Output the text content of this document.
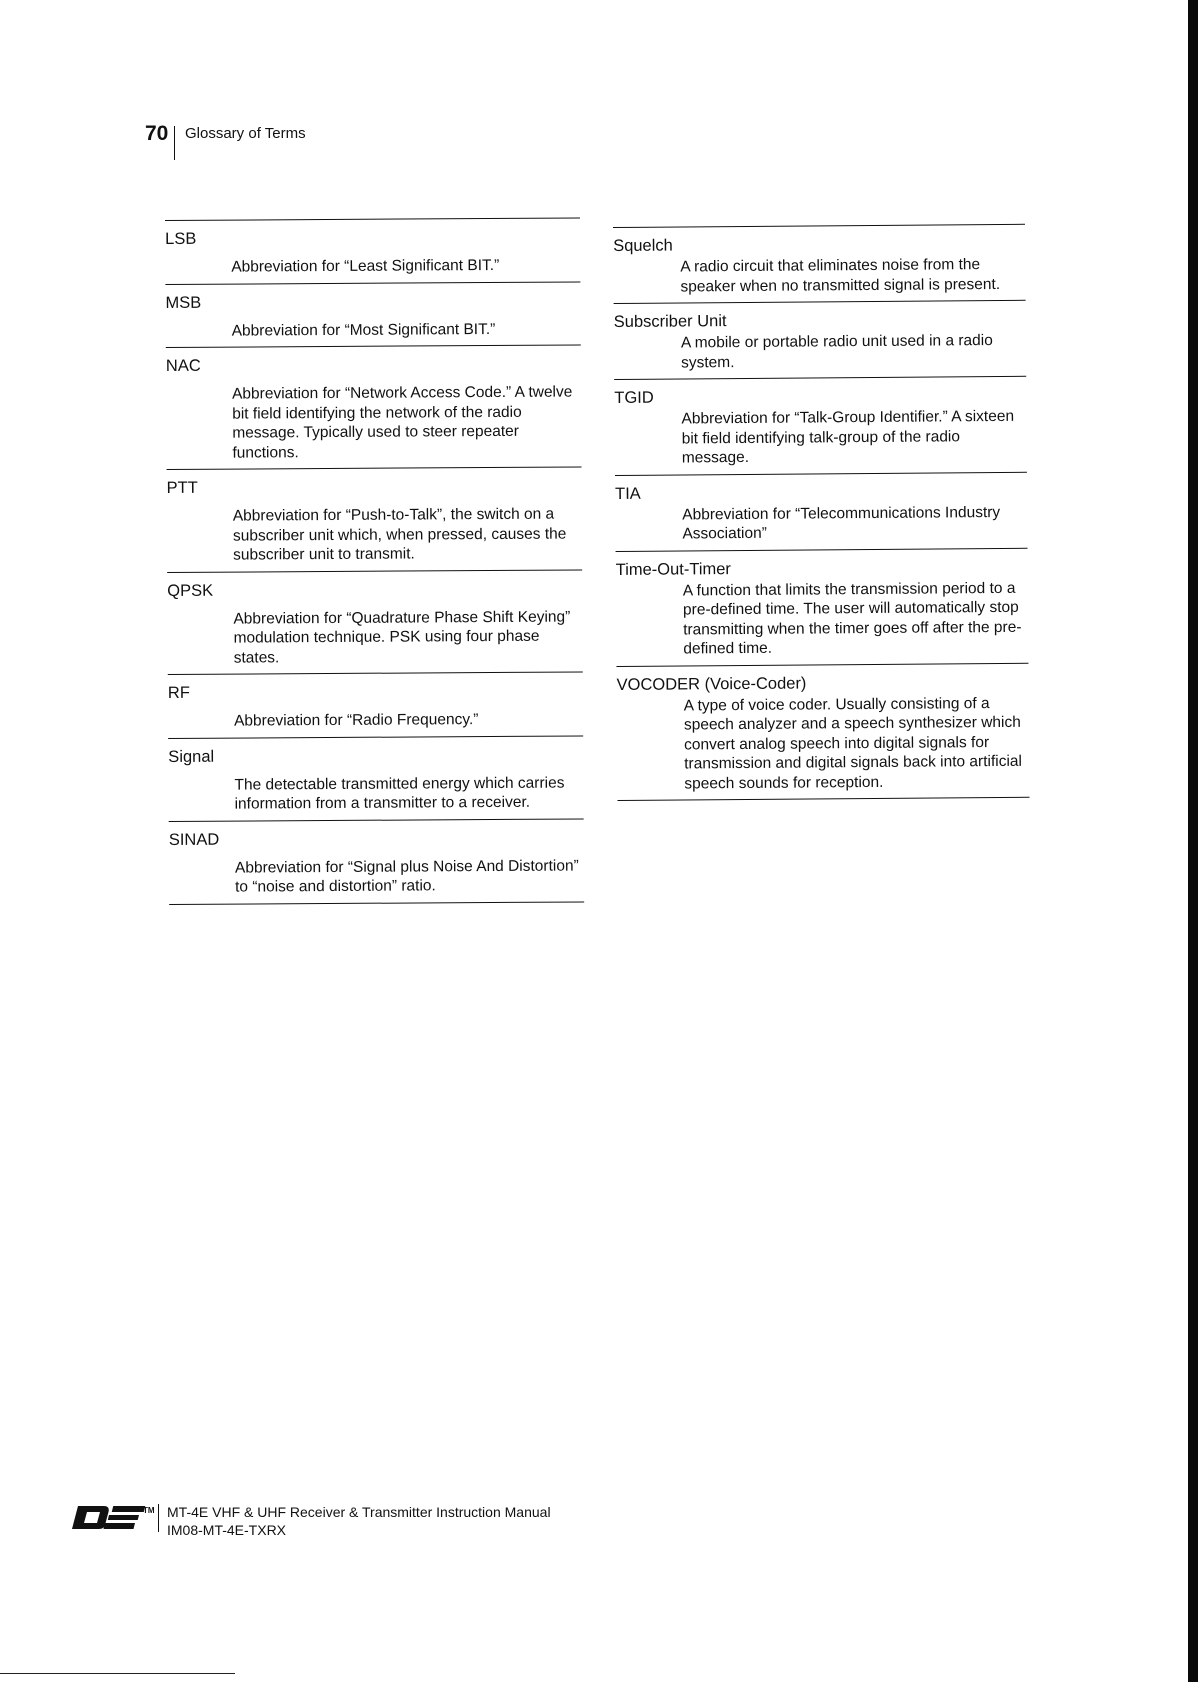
70 Glossary of Terms
LSB
Abbreviation for “Least Significant BIT.”
MSB
Abbreviation for “Most Significant BIT.”
NAC
Abbreviation for “Network Access Code.” A twelve bit field identifying the network of the radio message. Typically used to steer repeater functions.
PTT
Abbreviation for “Push-to-Talk”, the switch on a subscriber unit which, when pressed, causes the subscriber unit to transmit.
QPSK
Abbreviation for “Quadrature Phase Shift Keying” modulation technique. PSK using four phase states.
RF
Abbreviation for “Radio Frequency.”
Signal
The detectable transmitted energy which carries information from a transmitter to a receiver.
SINAD
Abbreviation for “Signal plus Noise And Distortion” to “noise and distortion” ratio.
Squelch
A radio circuit that eliminates noise from the speaker when no transmitted signal is present.
Subscriber Unit
A mobile or portable radio unit used in a radio system.
TGID
Abbreviation for “Talk-Group Identifier.” A sixteen bit field identifying talk-group of the radio message.
TIA
Abbreviation for “Telecommunications Industry Association”
Time-Out-Timer
A function that limits the transmission period to a pre-defined time. The user will automatically stop transmitting when the timer goes off after the pre-defined time.
VOCODER (Voice-Coder)
A type of voice coder. Usually consisting of a speech analyzer and a speech synthesizer which convert analog speech into digital signals for transmission and digital signals back into artificial speech sounds for reception.
TM MT-4E VHF & UHF Receiver & Transmitter Instruction Manual
IM08-MT-4E-TXRX
